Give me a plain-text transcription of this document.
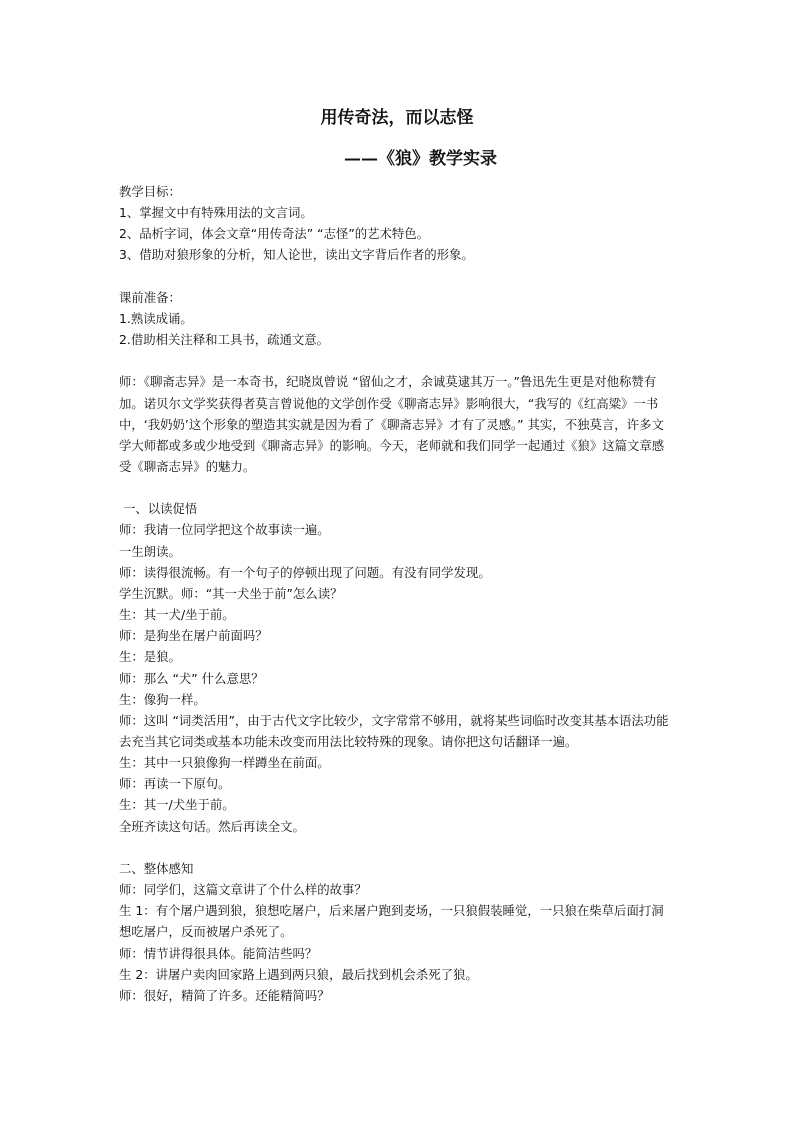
用传奇法，而以志怪
——《狼》教学实录

教学目标：

1、掌握文中有特殊用法的文言词。

2、品析字词，体会文章“用传奇法” “志怪”的艺术特色。

3、借助对狼形象的分析，知人论世，读出文字背后作者的形象。

课前准备：

1.熟读成诵。

2.借助相关注释和工具书，疏通文意。

师：《聊斋志异》是一本奇书，纪晓岚曾说 “留仙之才，余诚莫逮其万一。”鲁迅先生更是对他称赞有加。诺贝尔文学奖获得者莫言曾说他的文学创作受《聊斋志异》影响很大，“我写的《红高粱》一书中，‘我奶奶’这个形象的塑造其实就是因为看了《聊斋志异》才有了灵感。” 其实，不独莫言，许多文学大师都或多或少地受到《聊斋志异》的影响。今天，老师就和我们同学一起通过《狼》这篇文章感受《聊斋志异》的魅力。

一、以读促悟

师：我请一位同学把这个故事读一遍。

一生朗读。

师：读得很流畅。有一个句子的停顿出现了问题。有没有同学发现。

学生沉默。师：“其一犬坐于前”怎么读？

生：其一犬/坐于前。

师：是狗坐在屠户前面吗？

生：是狼。

师：那么 “犬” 什么意思？

生：像狗一样。

师：这叫 “词类活用”，由于古代文字比较少，文字常常不够用，就将某些词临时改变其基本语法功能去充当其它词类或基本功能未改变而用法比较特殊的现象。请你把这句话翻译一遍。

生：其中一只狼像狗一样蹲坐在前面。

师：再读一下原句。

生：其一/犬坐于前。

全班齐读这句话。然后再读全文。

二、整体感知

师：同学们，这篇文章讲了个什么样的故事？

生 1：有个屠户遇到狼，狼想吃屠户，后来屠户跑到麦场，一只狼假装睡觉，一只狼在柴草后面打洞想吃屠户，反而被屠户杀死了。

师：情节讲得很具体。能简洁些吗？

生 2：讲屠户卖肉回家路上遇到两只狼，最后找到机会杀死了狼。

师：很好，精简了许多。还能精简吗？
